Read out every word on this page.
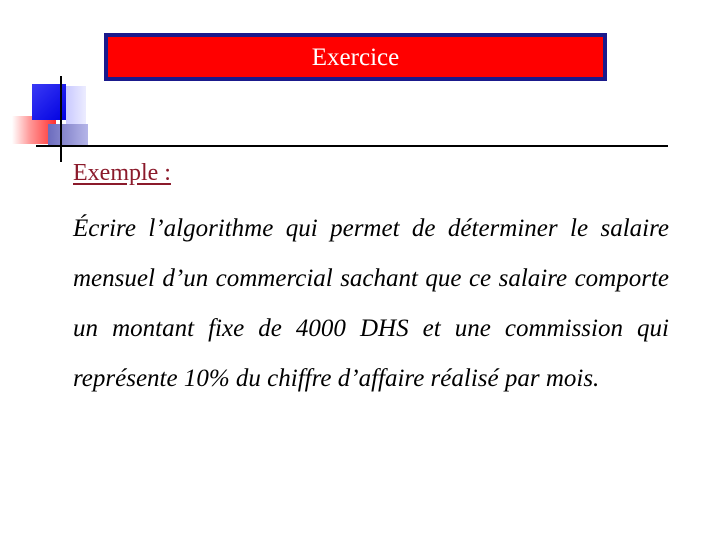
Exercice
Exemple :

Écrire l’algorithme qui permet de déterminer le salaire mensuel d’un commercial sachant que ce salaire comporte un montant fixe de 4000 DHS et une commission qui représente 10% du chiffre d’affaire réalisé par mois.
